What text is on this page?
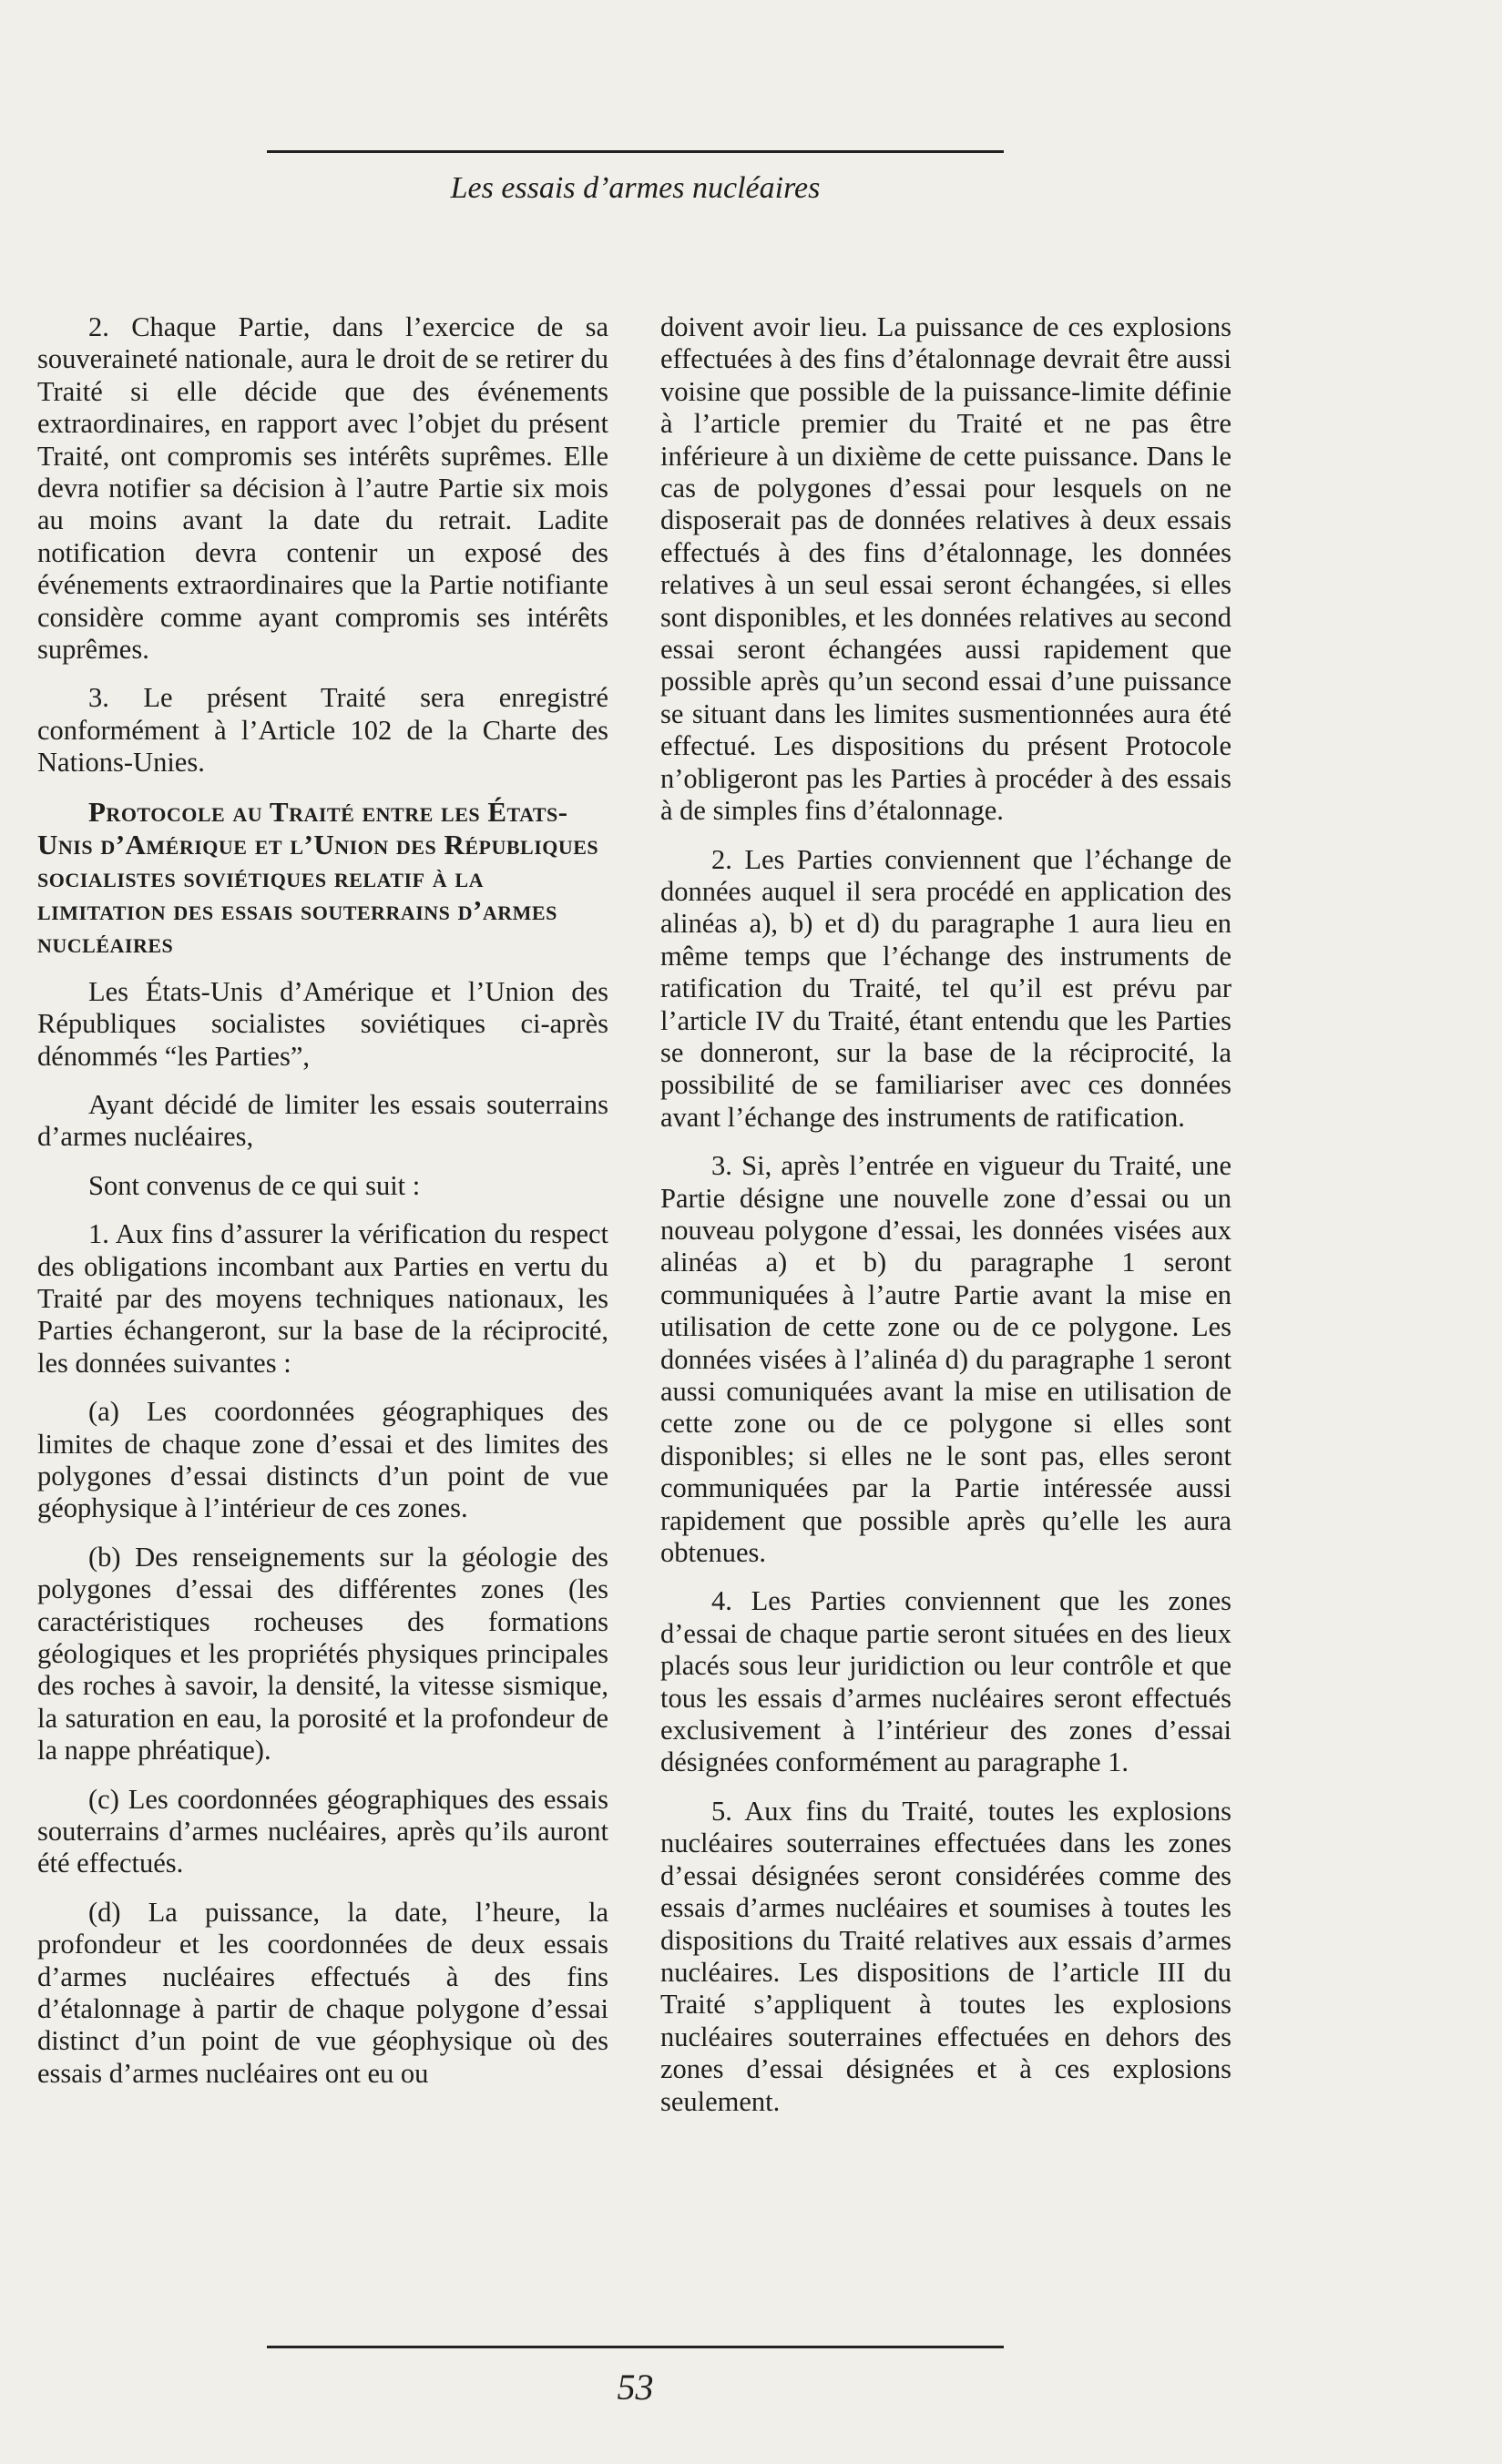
Les essais d’armes nucléaires

2. Chaque Partie, dans l’exercice de sa souveraineté nationale, aura le droit de se retirer du Traité si elle décide que des événements extraordinaires, en rapport avec l’objet du présent Traité, ont compromis ses intérêts suprêmes. Elle devra notifier sa décision à l’autre Partie six mois au moins avant la date du retrait. Ladite notification devra contenir un exposé des événements extraordinaires que la Partie notifiante considère comme ayant compromis ses intérêts suprêmes.

3. Le présent Traité sera enregistré conformément à l’Article 102 de la Charte des Nations-Unies.

Protocole au Traité entre les États-Unis d’Amérique et l’Union des Républiques socialistes soviétiques relatif à la limitation des essais souterrains d’armes nucléaires

Les États-Unis d’Amérique et l’Union des Républiques socialistes soviétiques ci-après dénommés “les Parties”,

Ayant décidé de limiter les essais souterrains d’armes nucléaires,

Sont convenus de ce qui suit :

1. Aux fins d’assurer la vérification du respect des obligations incombant aux Parties en vertu du Traité par des moyens techniques nationaux, les Parties échangeront, sur la base de la réciprocité, les données suivantes :

(a) Les coordonnées géographiques des limites de chaque zone d’essai et des limites des polygones d’essai distincts d’un point de vue géophysique à l’intérieur de ces zones.

(b) Des renseignements sur la géologie des polygones d’essai des différentes zones (les caractéristiques rocheuses des formations géologiques et les propriétés physiques principales des roches à savoir, la densité, la vitesse sismique, la saturation en eau, la porosité et la profondeur de la nappe phréatique).

(c) Les coordonnées géographiques des essais souterrains d’armes nucléaires, après qu’ils auront été effectués.

(d) La puissance, la date, l’heure, la profondeur et les coordonnées de deux essais d’armes nucléaires effectués à des fins d’étalonnage à partir de chaque polygone d’essai distinct d’un point de vue géophysique où des essais d’armes nucléaires ont eu ou

doivent avoir lieu. La puissance de ces explosions effectuées à des fins d’étalonnage devrait être aussi voisine que possible de la puissance-limite définie à l’article premier du Traité et ne pas être inférieure à un dixième de cette puissance. Dans le cas de polygones d’essai pour lesquels on ne disposerait pas de données relatives à deux essais effectués à des fins d’étalonnage, les données relatives à un seul essai seront échangées, si elles sont disponibles, et les données relatives au second essai seront échangées aussi rapidement que possible après qu’un second essai d’une puissance se situant dans les limites susmentionnées aura été effectué. Les dispositions du présent Protocole n’obligeront pas les Parties à procéder à des essais à de simples fins d’étalonnage.

2. Les Parties conviennent que l’échange de données auquel il sera procédé en application des alinéas a), b) et d) du paragraphe 1 aura lieu en même temps que l’échange des instruments de ratification du Traité, tel qu’il est prévu par l’article IV du Traité, étant entendu que les Parties se donneront, sur la base de la réciprocité, la possibilité de se familiariser avec ces données avant l’échange des instruments de ratification.

3. Si, après l’entrée en vigueur du Traité, une Partie désigne une nouvelle zone d’essai ou un nouveau polygone d’essai, les données visées aux alinéas a) et b) du paragraphe 1 seront communiquées à l’autre Partie avant la mise en utilisation de cette zone ou de ce polygone. Les données visées à l’alinéa d) du paragraphe 1 seront aussi comuniquées avant la mise en utilisation de cette zone ou de ce polygone si elles sont disponibles; si elles ne le sont pas, elles seront communiquées par la Partie intéressée aussi rapidement que possible après qu’elle les aura obtenues.

4. Les Parties conviennent que les zones d’essai de chaque partie seront situées en des lieux placés sous leur juridiction ou leur contrôle et que tous les essais d’armes nucléaires seront effectués exclusivement à l’intérieur des zones d’essai désignées conformément au paragraphe 1.

5. Aux fins du Traité, toutes les explosions nucléaires souterraines effectuées dans les zones d’essai désignées seront considérées comme des essais d’armes nucléaires et soumises à toutes les dispositions du Traité relatives aux essais d’armes nucléaires. Les dispositions de l’article III du Traité s’appliquent à toutes les explosions nucléaires souterraines effectuées en dehors des zones d’essai désignées et à ces explosions seulement.

53
